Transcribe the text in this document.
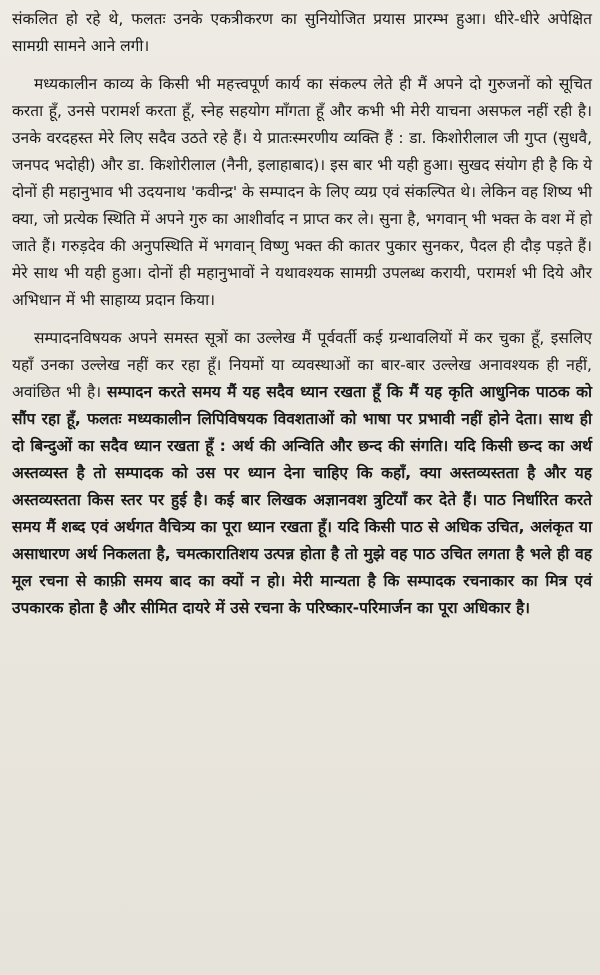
संकलित हो रहे थे, फलतः उनके एकत्रीकरण का सुनियोजित प्रयास प्रारम्भ हुआ। धीरे-धीरे अपेक्षित सामग्री सामने आने लगी।

मध्यकालीन काव्य के किसी भी महत्त्वपूर्ण कार्य का संकल्प लेते ही मैं अपने दो गुरुजनों को सूचित करता हूँ, उनसे परामर्श करता हूँ, स्नेह सहयोग माँगता हूँ और कभी भी मेरी याचना असफल नहीं रही है। उनके वरदहस्त मेरे लिए सदैव उठते रहे हैं। ये प्रातःस्मरणीय व्यक्ति हैं : डा. किशोरीलाल जी गुप्त (सुधवै, जनपद भदोही) और डा. किशोरीलाल (नैनी, इलाहाबाद)। इस बार भी यही हुआ। सुखद संयोग ही है कि ये दोनों ही महानुभाव भी उदयनाथ 'कवीन्द्र' के सम्पादन के लिए व्यग्र एवं संकल्पित थे। लेकिन वह शिष्य भी क्या, जो प्रत्येक स्थिति में अपने गुरु का आशीर्वाद न प्राप्त कर ले। सुना है, भगवान् भी भक्त के वश में हो जाते हैं। गरुड़देव की अनुपस्थिति में भगवान् विष्णु भक्त की कातर पुकार सुनकर, पैदल ही दौड़ पड़ते हैं। मेरे साथ भी यही हुआ। दोनों ही महानुभावों ने यथावश्यक सामग्री उपलब्ध करायी, परामर्श भी दिये और अभिधान में भी साहाय्य प्रदान किया।

सम्पादनविषयक अपने समस्त सूत्रों का उल्लेख मैं पूर्ववर्ती कई ग्रन्थावलियों में कर चुका हूँ, इसलिए यहाँ उनका उल्लेख नहीं कर रहा हूँ। नियमों या व्यवस्थाओं का बार-बार उल्लेख अनावश्यक ही नहीं, अवांछित भी है। सम्पादन करते समय मैं यह सदैव ध्यान रखता हूँ कि मैं यह कृति आधुनिक पाठक को सौंप रहा हूँ, फलतः मध्यकालीन लिपिविषयक विवशताओं को भाषा पर प्रभावी नहीं होने देता। साथ ही दो बिन्दुओं का सदैव ध्यान रखता हूँ : अर्थ की अन्विति और छन्द की संगति। यदि किसी छन्द का अर्थ अस्तव्यस्त है तो सम्पादक को उस पर ध्यान देना चाहिए कि कहाँ, क्या अस्तव्यस्तता है और यह अस्तव्यस्तता किस स्तर पर हुई है। कई बार लिखक अज्ञानवश त्रुटियाँ कर देते हैं। पाठ निर्धारित करते समय मैं शब्द एवं अर्थगत वैचित्र्य का पूरा ध्यान रखता हूँ। यदि किसी पाठ से अधिक उचित, अलंकृत या असाधारण अर्थ निकलता है, चमत्कारातिशय उत्पन्न होता है तो मुझे वह पाठ उचित लगता है भले ही वह मूल रचना से काफ़ी समय बाद का क्यों न हो। मेरी मान्यता है कि सम्पादक रचनाकार का मित्र एवं उपकारक होता है और सीमित दायरे में उसे रचना के परिष्कार-परिमार्जन का पूरा अधिकार है।
